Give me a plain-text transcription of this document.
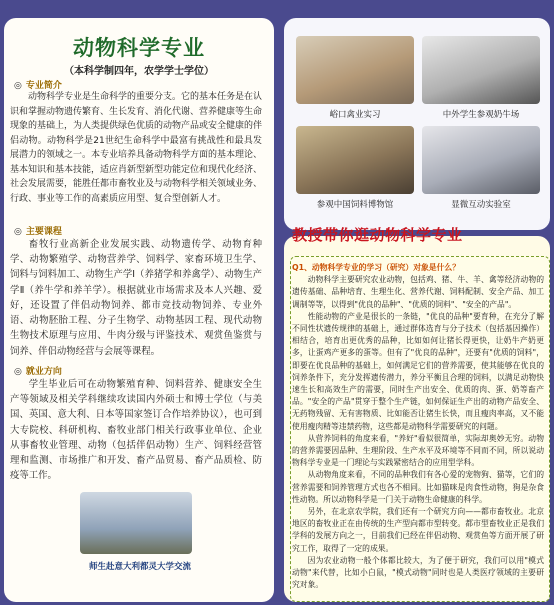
动物科学专业
（本科学制四年，农学学士学位）
◎ 专业简介
动物科学专业是生命科学的重要分支。它的基本任务是在认识和掌握动物遗传繁育、生长发育、消化代谢、营养健康等生命现象的基础上，为人类提供绿色优质的动物产品或安全健康的伴侣动物。动物科学是21世纪生命科学中最富有挑战性和最具发展潜力的领域之一。本专业培养具备动物科学方面的基本理论、基本知识和基本技能，适应肖新型新型功能定位和现代化经济、社会发展需要，能胜任都市畜牧业及与动物科学相关领域业务、行政、事业等工作的高素质应用型、复合型创新人才。
◎ 主要课程
畜牧行业高新企业发展实践、动物遗传学、动物育种学、动物繁殖学、动物营养学、饲料学、家畜环境卫生学、饲料与饲料加工、动物生产学Ⅰ（养猪学和养禽学）、动物生产学Ⅱ（养牛学和养羊学）。根据就业市场需求及本人兴趣、爱好，还设置了伴侣动物饲养、都市竞技动物饲养、专业外语、动物胚胎工程、分子生物学、动物基因工程、现代动物生物技术原理与应用、牛肉分级与评鉴技术、观赏鱼鉴赏与饲养、伴侣动物经营与会展等课程。
◎ 就业方向
学生毕业后可在动物繁殖育种、饲料营养、健康安全生产等领域及相关学科继续攻读国内外硕士和博士学位（与美国、英国、意大利、日本等国家签订合作培养协议），也可到大专院校、科研机构、畜牧业部门相关行政事业单位、企业从事畜牧业管理、动物（包括伴侣动物）生产、饲料经营管理和监测、市场推广和开发、畜产品贸易、畜产品质检、防疫等工作。
师生赴意大利都灵大学交流
峪口禽业实习	中外学生参观奶牛场
参观中国饲料博物馆	显微互动实验室
教授带你逛动物科学专业
Q1、动物科学专业的学习（研究）对象是什么？

动物科学主要研究农业动物，包括鸡、猪、牛、羊、禽等经济动物的遗传基础、品种培育、生理生化、营养代谢、饲料配制、安全产品、加工调制等等，以得到"优良的品种"、"优质的饲料"、"安全的产品"。

性能动物的产业是很长的一条链，"优良的品种"要育种，在充分了解不同性状遗传规律的基础上，通过群体选育与分子技术（包括基因操作）相结合，培育出更优秀的品种，比如如何让猪长得更快，让奶牛产奶更多，让蛋鸡产更多的蛋等。但有了"优良的品种"，还要有"优质的饲料"，即要在优良品种的基础上，如何满足它们的营养需要，使其能够在优良的饲养条件下，充分发挥遗传潜力，养分平衡且合理的饲料，以满足动物快速生长和高效生产的需要，同时生产出安全、优质的肉、蛋、奶等畜产品。"安全的产品"贯穿于整个生产链，如何保证生产出的动物产品安全、无药物残留、无有害物质、比如能否让猪生长快，而且瘦肉率高，又不能使用瘦肉精等违禁药物，这些都是动物科学需要研究的问题。

从营养饲料的角度来看，"养好"看似很简单，实际却奥妙无穷。动物的营养需要因品种、生理阶段、生产水平及环境等不同而不同，所以说动物科学专业是一门理论与实践紧密结合的应用型学科。

从动物角度来看，不同的品种我们有各心爱的宠物狗、猫等，它们的营养需要和饲养管理方式也各不相同。比如猫咪是肉食性动物，狗是杂食性动物。所以动物科学是一门关于动物生命健康的科学。

另外，在北京农学院，我们还有一个研究方向——都市畜牧业。北京地区的畜牧业正在由传统的生产型向都市型转变。都市型畜牧业正是我们学科的发展方向之一，目前我们已经在伴侣动物、观赏鱼等方面开展了研究工作，取得了一定的成果。

因为农业动物一般个体都比较大，为了便于研究，我们可以用"模式动物"来代替，比如小白鼠，"模式动物"同时也是人类医疗领域的主要研究对象。
